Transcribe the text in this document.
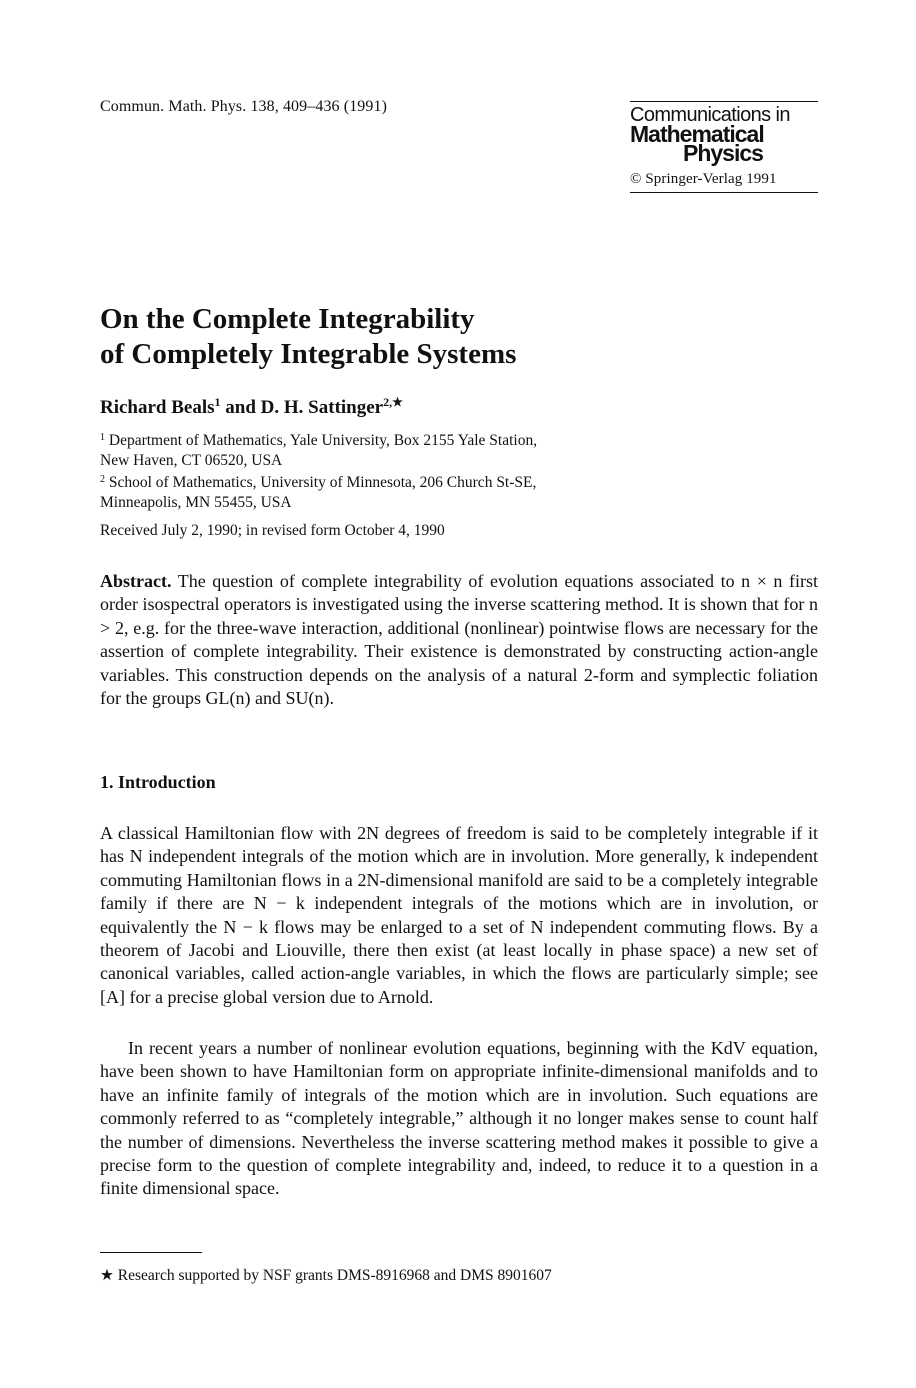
Commun. Math. Phys. 138, 409–436 (1991)	Communications in
Mathematical
Physics
© Springer-Verlag 1991
On the Complete Integrability
of Completely Integrable Systems
Richard Beals$^1$ and D. H. Sattinger$^{2,★}$
$^1$ Department of Mathematics, Yale University, Box 2155 Yale Station,
New Haven, CT 06520, USA
$^2$ School of Mathematics, University of Minnesota, 206 Church St-SE,
Minneapolis, MN 55455, USA
Received July 2, 1990; in revised form October 4, 1990

Abstract. The question of complete integrability of evolution equations associated to n × n first order isospectral operators is investigated using the inverse scattering method. It is shown that for n > 2, e.g. for the three-wave interaction, additional (nonlinear) pointwise flows are necessary for the assertion of complete integrability. Their existence is demonstrated by constructing action-angle variables. This construction depends on the analysis of a natural 2-form and symplectic foliation for the groups GL(n) and SU(n).

1. Introduction

A classical Hamiltonian flow with 2N degrees of freedom is said to be completely integrable if it has N independent integrals of the motion which are in involution. More generally, k independent commuting Hamiltonian flows in a 2N-dimensional manifold are said to be a completely integrable family if there are N − k independent integrals of the motions which are in involution, or equivalently the N − k flows may be enlarged to a set of N independent commuting flows. By a theorem of Jacobi and Liouville, there then exist (at least locally in phase space) a new set of canonical variables, called action-angle variables, in which the flows are particularly simple; see [A] for a precise global version due to Arnold.

In recent years a number of nonlinear evolution equations, beginning with the KdV equation, have been shown to have Hamiltonian form on appropriate infinite-dimensional manifolds and to have an infinite family of integrals of the motion which are in involution. Such equations are commonly referred to as “completely integrable,” although it no longer makes sense to count half the number of dimensions. Nevertheless the inverse scattering method makes it possible to give a precise form to the question of complete integrability and, indeed, to reduce it to a question in a finite dimensional space.

★ Research supported by NSF grants DMS-8916968 and DMS 8901607
